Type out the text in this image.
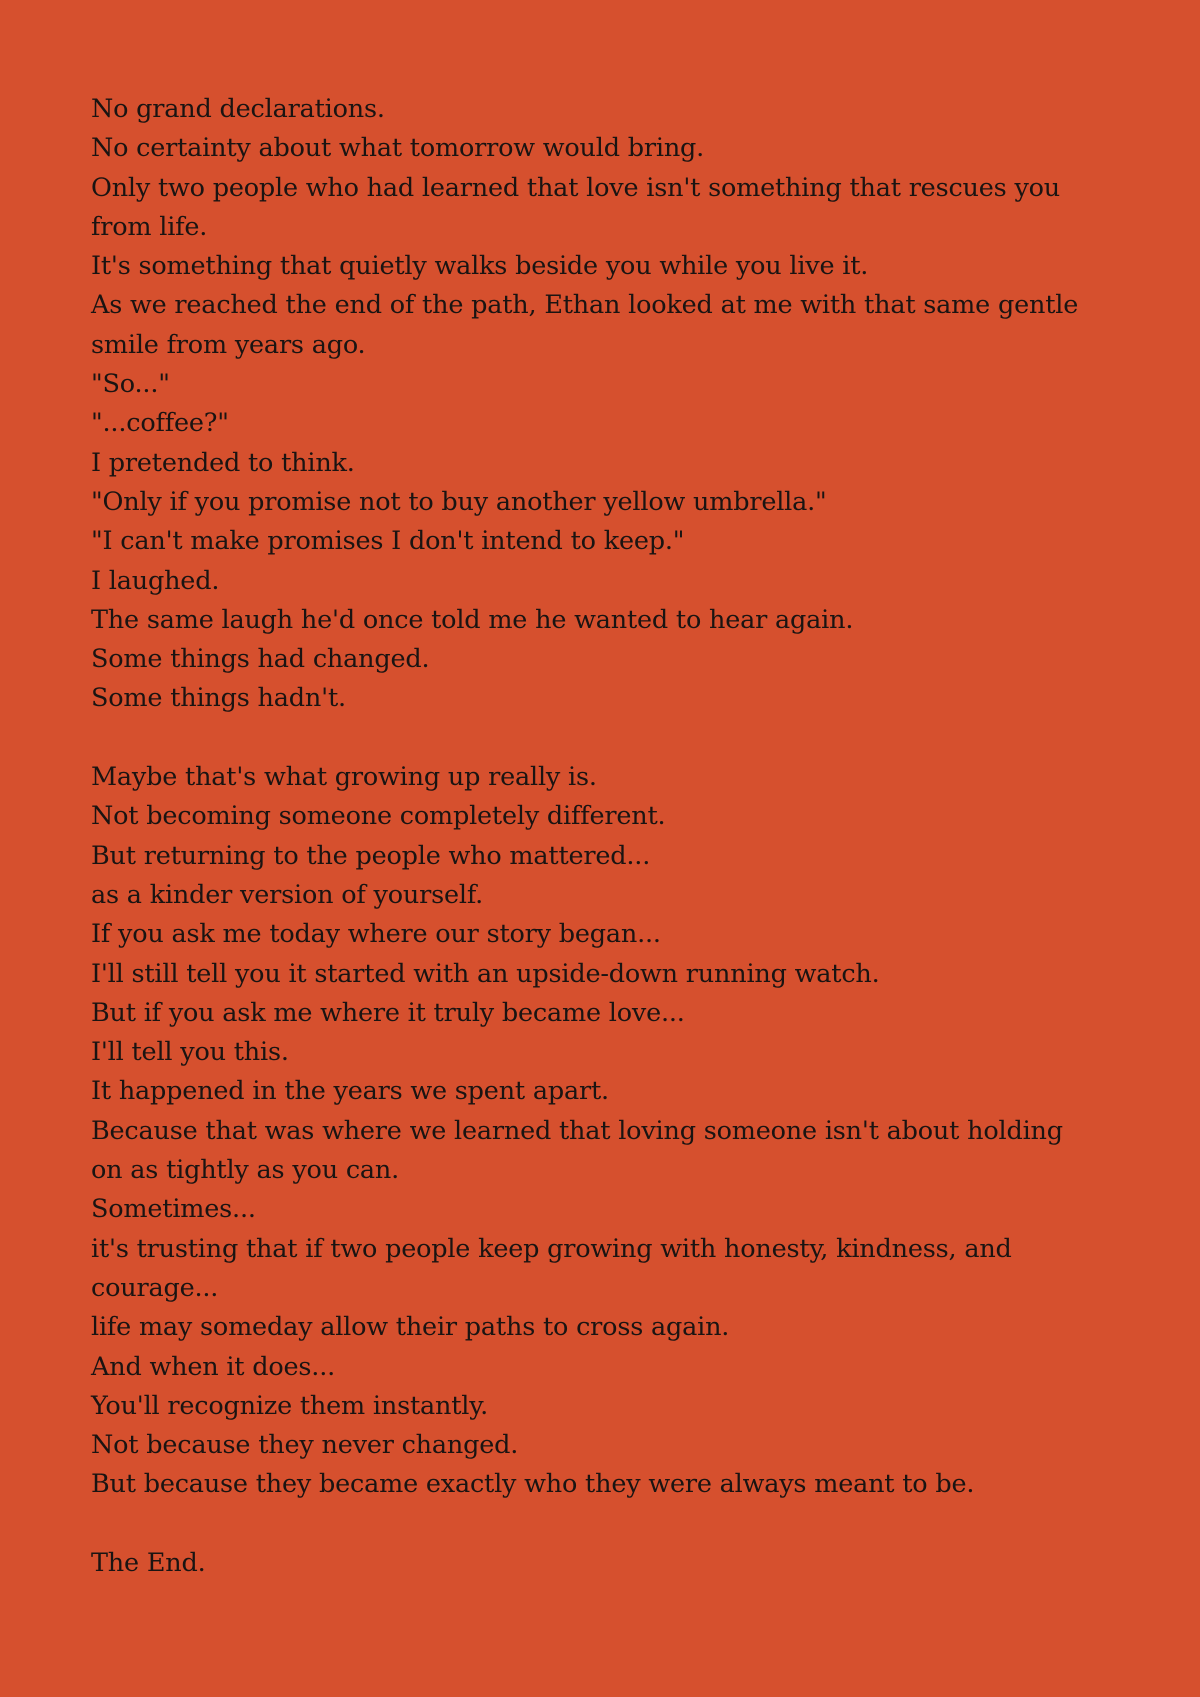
No grand declarations.
No certainty about what tomorrow would bring.
Only two people who had learned that love isn't something that rescues you from life.
It's something that quietly walks beside you while you live it.
As we reached the end of the path, Ethan looked at me with that same gentle smile from years ago.
"So..."
"...coffee?"
I pretended to think.
"Only if you promise not to buy another yellow umbrella."
"I can't make promises I don't intend to keep."
I laughed.
The same laugh he'd once told me he wanted to hear again.
Some things had changed.
Some things hadn't.
Maybe that's what growing up really is.
Not becoming someone completely different.
But returning to the people who mattered...
as a kinder version of yourself.
If you ask me today where our story began...
I'll still tell you it started with an upside-down running watch.
But if you ask me where it truly became love...
I'll tell you this.
It happened in the years we spent apart.
Because that was where we learned that loving someone isn't about holding on as tightly as you can.
Sometimes...
it's trusting that if two people keep growing with honesty, kindness, and courage...
life may someday allow their paths to cross again.
And when it does...
You'll recognize them instantly.
Not because they never changed.
But because they became exactly who they were always meant to be.
The End.
